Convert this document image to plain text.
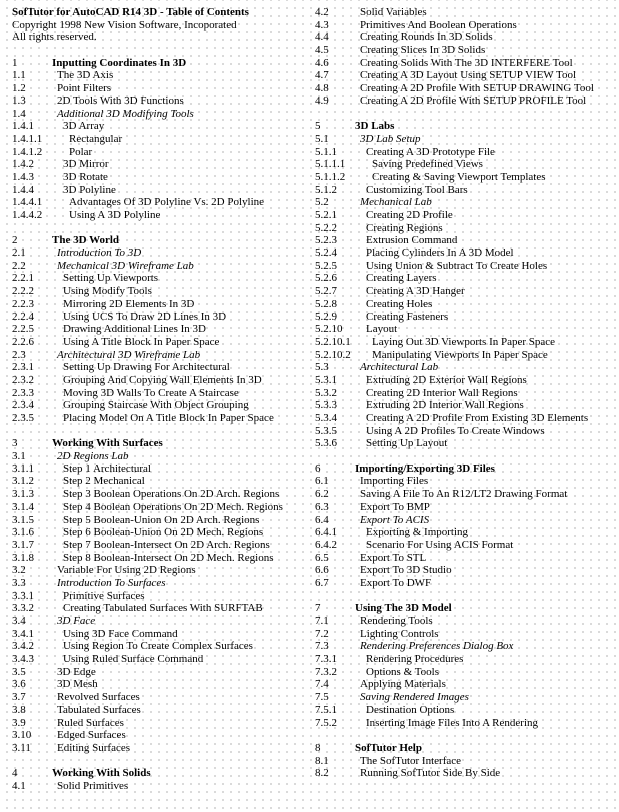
SofTutor for AutoCAD R14 3D - Table of Contents
Copyright 1998 New Vision Software, Incoporated
All rights reserved.
1	Inputting Coordinates In 3D
1.1	The 3D Axis
1.2	Point Filters
1.3	2D Tools With 3D Functions
1.4	Additional 3D Modifying Tools
1.4.1	3D Array
1.4.1.1 Rectangular
1.4.1.2 Polar
1.4.2	3D Mirror
1.4.3	3D Rotate
1.4.4	3D Polyline
1.4.4.1 Advantages Of 3D Polyline Vs. 2D Polyline
1.4.4.2 Using A 3D Polyline
2	The 3D World
2.1	Introduction To 3D
2.2	Mechanical 3D Wireframe Lab
2.2.1	Setting Up Viewports
2.2.2	Using Modify Tools
2.2.3	Mirroring 2D Elements In 3D
2.2.4	Using UCS To Draw 2D Lines In 3D
2.2.5	Drawing Additional Lines In 3D
2.2.6	Using A Title Block In Paper Space
2.3	Architectural 3D Wireframe Lab
2.3.1	Setting Up Drawing For Architectural
2.3.2	Grouping And Copying Wall Elements In 3D
2.3.3	Moving 3D Walls To Create A Staircase
2.3.4	Grouping Staircase With Object Grouping
2.3.5	Placing Model On A Title Block In Paper Space
3	Working With Surfaces
3.1	2D Regions Lab
3.1.1	Step 1 Architectural
3.1.2	Step 2 Mechanical
3.1.3	Step 3 Boolean Operations On 2D Arch. Regions
3.1.4	Step 4 Boolean Operations On 2D Mech. Regions
3.1.5	Step 5 Boolean-Union On 2D Arch. Regions
3.1.6	Step 6 Boolean-Union On 2D Mech. Regions
3.1.7	Step 7 Boolean-Intersect On 2D Arch. Regions
3.1.8	Step 8 Boolean-Intersect On 2D Mech. Regions
3.2	Variable For Using 2D Regions
3.3	Introduction To Surfaces
3.3.1	Primitive Surfaces
3.3.2	Creating Tabulated Surfaces With SURFTAB
3.4	3D Face
3.4.1	Using 3D Face Command
3.4.2	Using Region To Create Complex Surfaces
3.4.3	Using Ruled Surface Command
3.5	3D Edge
3.6	3D Mesh
3.7	Revolved Surfaces
3.8	Tabulated Surfaces
3.9	Ruled Surfaces
3.10 Edged Surfaces
3.11 Editing Surfaces
4	Working With Solids
4.1	Solid Primitives
4.2	Solid Variables
4.3	Primitives And Boolean Operations
4.4	Creating Rounds In 3D Solids
4.5	Creating Slices In 3D Solids
4.6	Creating Solids With The 3D INTERFERE Tool
4.7	Creating A 3D Layout Using SETUP VIEW Tool
4.8	Creating A 2D Profile With SETUP DRAWING Tool
4.9	Creating A 2D Profile With SETUP PROFILE Tool
5	3D Labs
5.1	3D Lab Setup
5.1.1	Creating A 3D Prototype File
5.1.1.1 Saving Predefined Views
5.1.1.2 Creating & Saving Viewport Templates
5.1.2	Customizing Tool Bars
5.2	Mechanical Lab
5.2.1	Creating 2D Profile
5.2.2	Creating Regions
5.2.3	Extrusion Command
5.2.4	Placing Cylinders In A 3D Model
5.2.5	Using Union & Subtract To Create Holes
5.2.6	Creating Layers
5.2.7	Creating A 3D Hanger
5.2.8	Creating Holes
5.2.9	Creating Fasteners
5.2.10 Layout
5.2.10.1 Laying Out 3D Viewports In Paper Space
5.2.10.2 Manipulating Viewports In Paper Space
5.3	Architectural Lab
5.3.1	Extruding 2D Exterior Wall Regions
5.3.2	Creating 2D Interior Wall Regions
5.3.3	Extruding 2D Interior Wall Regions
5.3.4	Creating A 2D Profile From Existing 3D Elements
5.3.5	Using A 2D Profiles To Create Windows
5.3.6	Setting Up Layout
6	Importing/Exporting 3D Files
6.1	Importing Files
6.2	Saving A File To An R12/LT2 Drawing Format
6.3	Export To BMP
6.4	Export To ACIS
6.4.1	Exporting & Importing
6.4.2	Scenario For Using ACIS Format
6.5	Export To STL
6.6	Export To 3D Studio
6.7	Export To DWF
7	Using The 3D Model
7.1	Rendering Tools
7.2	Lighting Controls
7.3	Rendering Preferences Dialog Box
7.3.1	Rendering Procedures
7.3.2	Options & Tools
7.4	Applying Materials
7.5	Saving Rendered Images
7.5.1	Destination Options
7.5.2	Inserting Image Files Into A Rendering
8	SofTutor Help
8.1	The SofTutor Interface
8.2	Running SofTutor Side By Side
